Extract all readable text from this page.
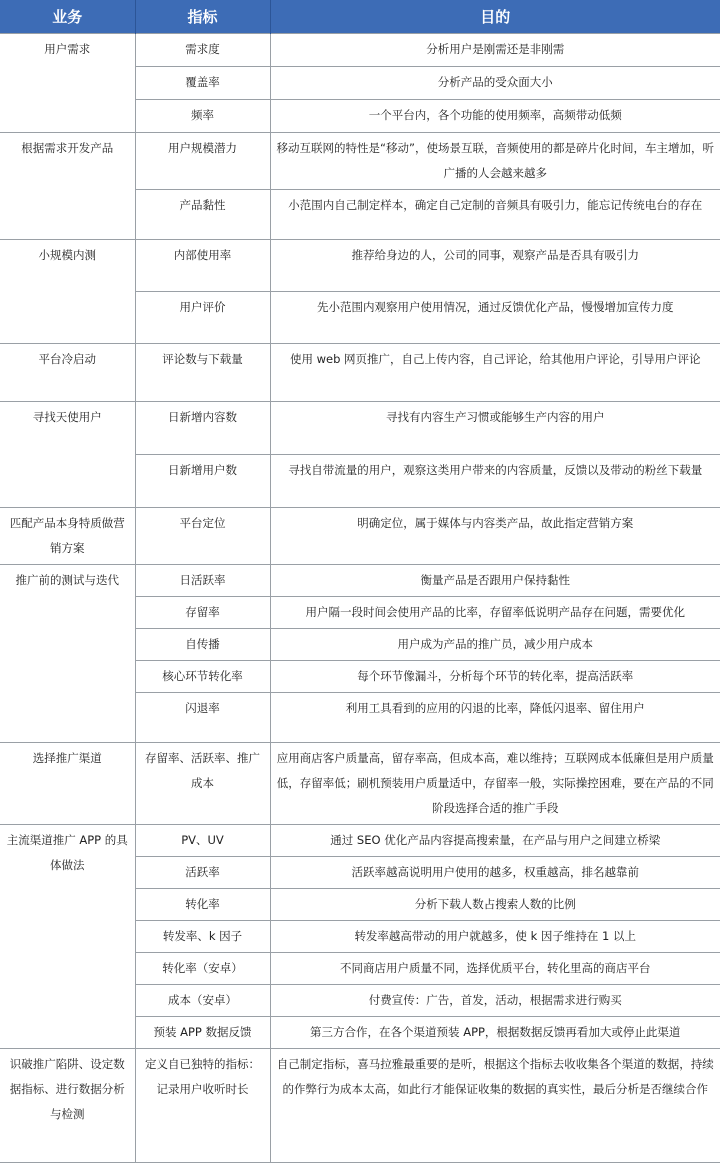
业务	指标	目的
用户需求	需求度	分析用户是刚需还是非刚需
	覆盖率	分析产品的受众面大小
	频率	一个平台内，各个功能的使用频率，高频带动低频
根据需求开发产品	用户规模潜力	移动互联网的特性是“移动”，使场景互联，音频使用的都是碎片化时间，车主增加，听广播的人会越来越多
	产品黏性	小范围内自己制定样本，确定自己定制的音频具有吸引力，能忘记传统电台的存在
小规模内测	内部使用率	推荐给身边的人，公司的同事，观察产品是否具有吸引力
	用户评价	先小范围内观察用户使用情况，通过反馈优化产品，慢慢增加宣传力度
平台冷启动	评论数与下载量	使用 web 网页推广，自己上传内容，自己评论，给其他用户评论，引导用户评论
寻找天使用户	日新增内容数	寻找有内容生产习惯或能够生产内容的用户
	日新增用户数	寻找自带流量的用户，观察这类用户带来的内容质量，反馈以及带动的粉丝下载量
匹配产品本身特质做营销方案	平台定位	明确定位，属于媒体与内容类产品，故此指定营销方案
推广前的测试与迭代	日活跃率	衡量产品是否跟用户保持黏性
	存留率	用户隔一段时间会使用产品的比率，存留率低说明产品存在问题，需要优化
	自传播	用户成为产品的推广员，减少用户成本
	核心环节转化率	每个环节像漏斗，分析每个环节的转化率，提高活跃率
	闪退率	利用工具看到的应用的闪退的比率，降低闪退率、留住用户
选择推广渠道	存留率、活跃率、推广成本	应用商店客户质量高，留存率高，但成本高，难以维持；互联网成本低廉但是用户质量低，存留率低；刷机预装用户质量适中，存留率一般，实际操控困难，要在产品的不同阶段选择合适的推广手段
主流渠道推广 APP 的具体做法	PV、UV	通过 SEO 优化产品内容提高搜索量，在产品与用户之间建立桥梁
	活跃率	活跃率越高说明用户使用的越多，权重越高，排名越靠前
	转化率	分析下载人数占搜索人数的比例
	转发率、k 因子	转发率越高带动的用户就越多，使 k 因子维持在 1 以上
	转化率（安卓）	不同商店用户质量不同，选择优质平台，转化里高的商店平台
	成本（安卓）	付费宣传：广告，首发，活动，根据需求进行购买
	预装 APP 数据反馈	第三方合作，在各个渠道预装 APP，根据数据反馈再看加大或停止此渠道
识破推广陷阱、设定数据指标、进行数据分析与检测	定义自已独特的指标：记录用户收听时长	自己制定指标，喜马拉雅最重要的是听，根据这个指标去收收集各个渠道的数据，持续的作弊行为成本太高，如此行才能保证收集的数据的真实性，最后分析是否继续合作
